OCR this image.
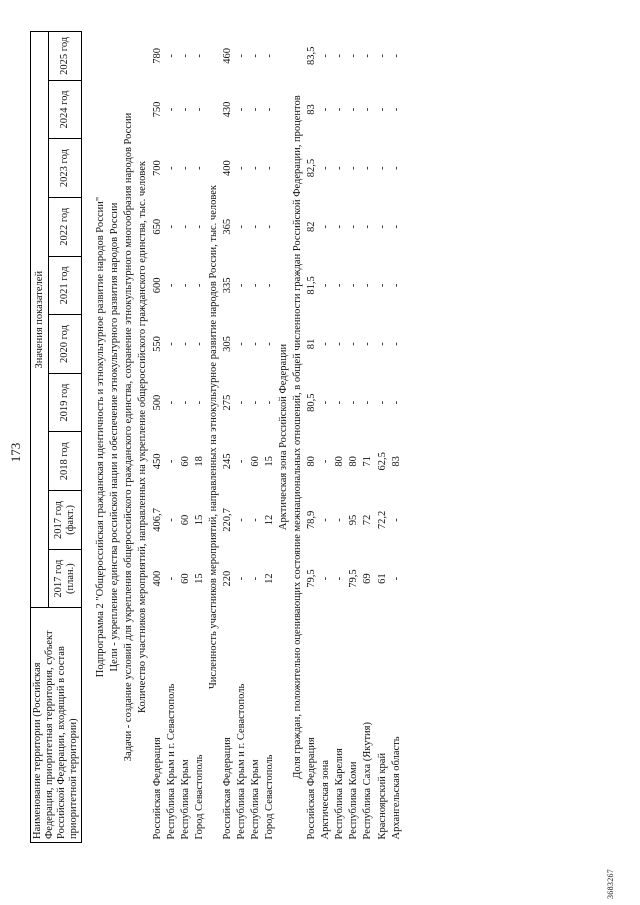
173
3683267
Наименование территории (Российская Федерация, приоритетная территория, субъект Российской Федерации, входящий в состав приоритетной территории)	Значения показателей									
	2017 год (план.)	2017 год (факт.)	2018 год	2019 год	2020 год	2021 год	2022 год	2023 год	2024 год	2025 год

Подпрограмма 2 "Общероссийская гражданская идентичность и этнокультурное развитие народов России"										
Цели - укрепление единства российской нации и обеспечение этнокультурного развития народов России										
Задачи - создание условий для укрепления общероссийского гражданского единства, сохранение этнокультурного многообразия народов России										
Количество участников мероприятий, направленных на укрепление общероссийского гражданского единства, тыс. человек										
Российская Федерация	400	406,7	450	500	550	600	650	700	750	780
Республика Крым и г. Севастополь	-	-	-	-	-	-	-	-	-	-
Республика Крым	60	60	60	-	-	-	-	-	-	-
Город Севастополь	15	15	18	-	-	-	-	-	-	-
Численность участников мероприятий, направленных на этнокультурное развитие народов России, тыс. человек										
Российская Федерация	220	220,7	245	275	305	335	365	400	430	460
Республика Крым и г. Севастополь	-	-	-	-	-	-	-	-	-	-
Республика Крым	-	-	60	-	-	-	-	-	-	-
Город Севастополь	12	12	15	-	-	-	-	-	-	-
Арктическая зона Российской Федерации										
Доля граждан, положительно оценивающих состояние межнациональных отношений, в общей численности граждан Российской Федерации, процентов										
Российская Федерация	79,5	78,9	80	80,5	81	81,5	82	82,5	83	83,5
Арктическая зона	-	-	-	-	-	-	-	-	-	-
Республика Карелия	-	-	80	-	-	-	-	-	-	-
Республика Коми	79,5	95	80	-	-	-	-	-	-	-
Республика Саха (Якутия)	69	72	71	-	-	-	-	-	-	-
Красноярский край	61	72,2	62,5	-	-	-	-	-	-	-
Архангельская область	-	-	83	-	-	-	-	-	-	-
